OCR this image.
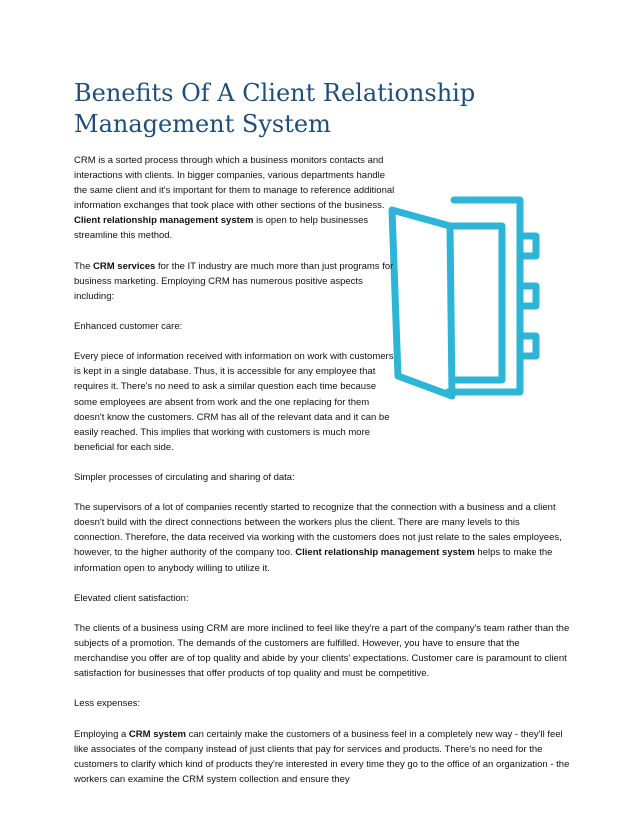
Benefits Of A Client Relationship Management System

CRM is a sorted process through which a business monitors contacts and interactions with clients. In bigger companies, various departments handle the same client and it's important for them to manage to reference additional information exchanges that took place with other sections of the business. Client relationship management system is open to help businesses streamline this method.

The CRM services for the IT industry are much more than just programs for business marketing. Employing CRM has numerous positive aspects including:

Enhanced customer care:

Every piece of information received with information on work with customers is kept in a single database. Thus, it is accessible for any employee that requires it. There's no need to ask a similar question each time because some employees are absent from work and the one replacing for them doesn't know the customers. CRM has all of the relevant data and it can be easily reached. This implies that working with customers is much more beneficial for each side.

Simpler processes of circulating and sharing of data:

The supervisors of a lot of companies recently started to recognize that the connection with a business and a client doesn't build with the direct connections between the workers plus the client. There are many levels to this connection. Therefore, the data received via working with the customers does not just relate to the sales employees, however, to the higher authority of the company too. Client relationship management system helps to make the information open to anybody willing to utilize it.

Elevated client satisfaction:

The clients of a business using CRM are more inclined to feel like they're a part of the company's team rather than the subjects of a promotion. The demands of the customers are fulfilled. However, you have to ensure that the merchandise you offer are of top quality and abide by your clients' expectations. Customer care is paramount to client satisfaction for businesses that offer products of top quality and must be competitive.

Less expenses:

Employing a CRM system can certainly make the customers of a business feel in a completely new way - they'll feel like associates of the company instead of just clients that pay for services and products. There's no need for the customers to clarify which kind of products they're interested in every time they go to the office of an organization - the workers can examine the CRM system collection and ensure they
